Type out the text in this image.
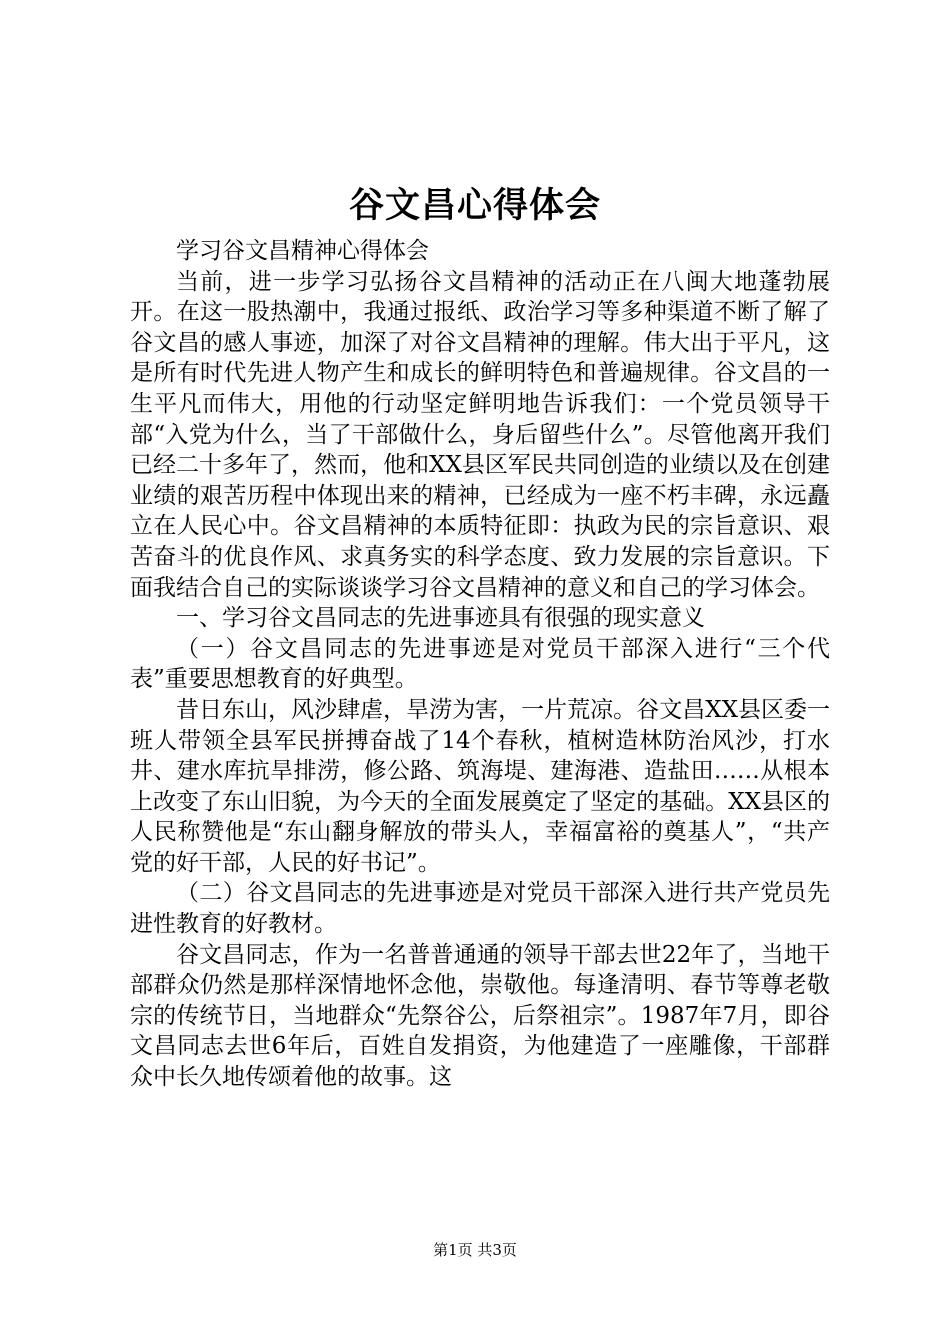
谷文昌心得体会

学习谷文昌精神心得体会

当前，进一步学习弘扬谷文昌精神的活动正在八闽大地蓬勃展开。在这一股热潮中，我通过报纸、政治学习等多种渠道不断了解了谷文昌的感人事迹，加深了对谷文昌精神的理解。伟大出于平凡，这是所有时代先进人物产生和成长的鲜明特色和普遍规律。谷文昌的一生平凡而伟大，用他的行动坚定鲜明地告诉我们：一个党员领导干部“入党为什么，当了干部做什么，身后留些什么”。尽管他离开我们已经二十多年了，然而，他和XX县区军民共同创造的业绩以及在创建业绩的艰苦历程中体现出来的精神，已经成为一座不朽丰碑，永远矗立在人民心中。谷文昌精神的本质特征即：执政为民的宗旨意识、艰苦奋斗的优良作风、求真务实的科学态度、致力发展的宗旨意识。下面我结合自己的实际谈谈学习谷文昌精神的意义和自己的学习体会。

一、学习谷文昌同志的先进事迹具有很强的现实意义

（一）谷文昌同志的先进事迹是对党员干部深入进行“三个代表”重要思想教育的好典型。

昔日东山，风沙肆虐，旱涝为害，一片荒凉。谷文昌XX县区委一班人带领全县军民拼搏奋战了14个春秋，植树造林防治风沙，打水井、建水库抗旱排涝，修公路、筑海堤、建海港、造盐田……从根本上改变了东山旧貌，为今天的全面发展奠定了坚定的基础。XX县区的人民称赞他是“东山翻身解放的带头人，幸福富裕的奠基人”，“共产党的好干部，人民的好书记”。

（二）谷文昌同志的先进事迹是对党员干部深入进行共产党员先进性教育的好教材。

谷文昌同志，作为一名普普通通的领导干部去世22年了，当地干部群众仍然是那样深情地怀念他，崇敬他。每逢清明、春节等尊老敬宗的传统节日，当地群众“先祭谷公，后祭祖宗”。1987年7月，即谷文昌同志去世6年后，百姓自发捐资，为他建造了一座雕像，干部群众中长久地传颂着他的故事。这

第1页 共3页
